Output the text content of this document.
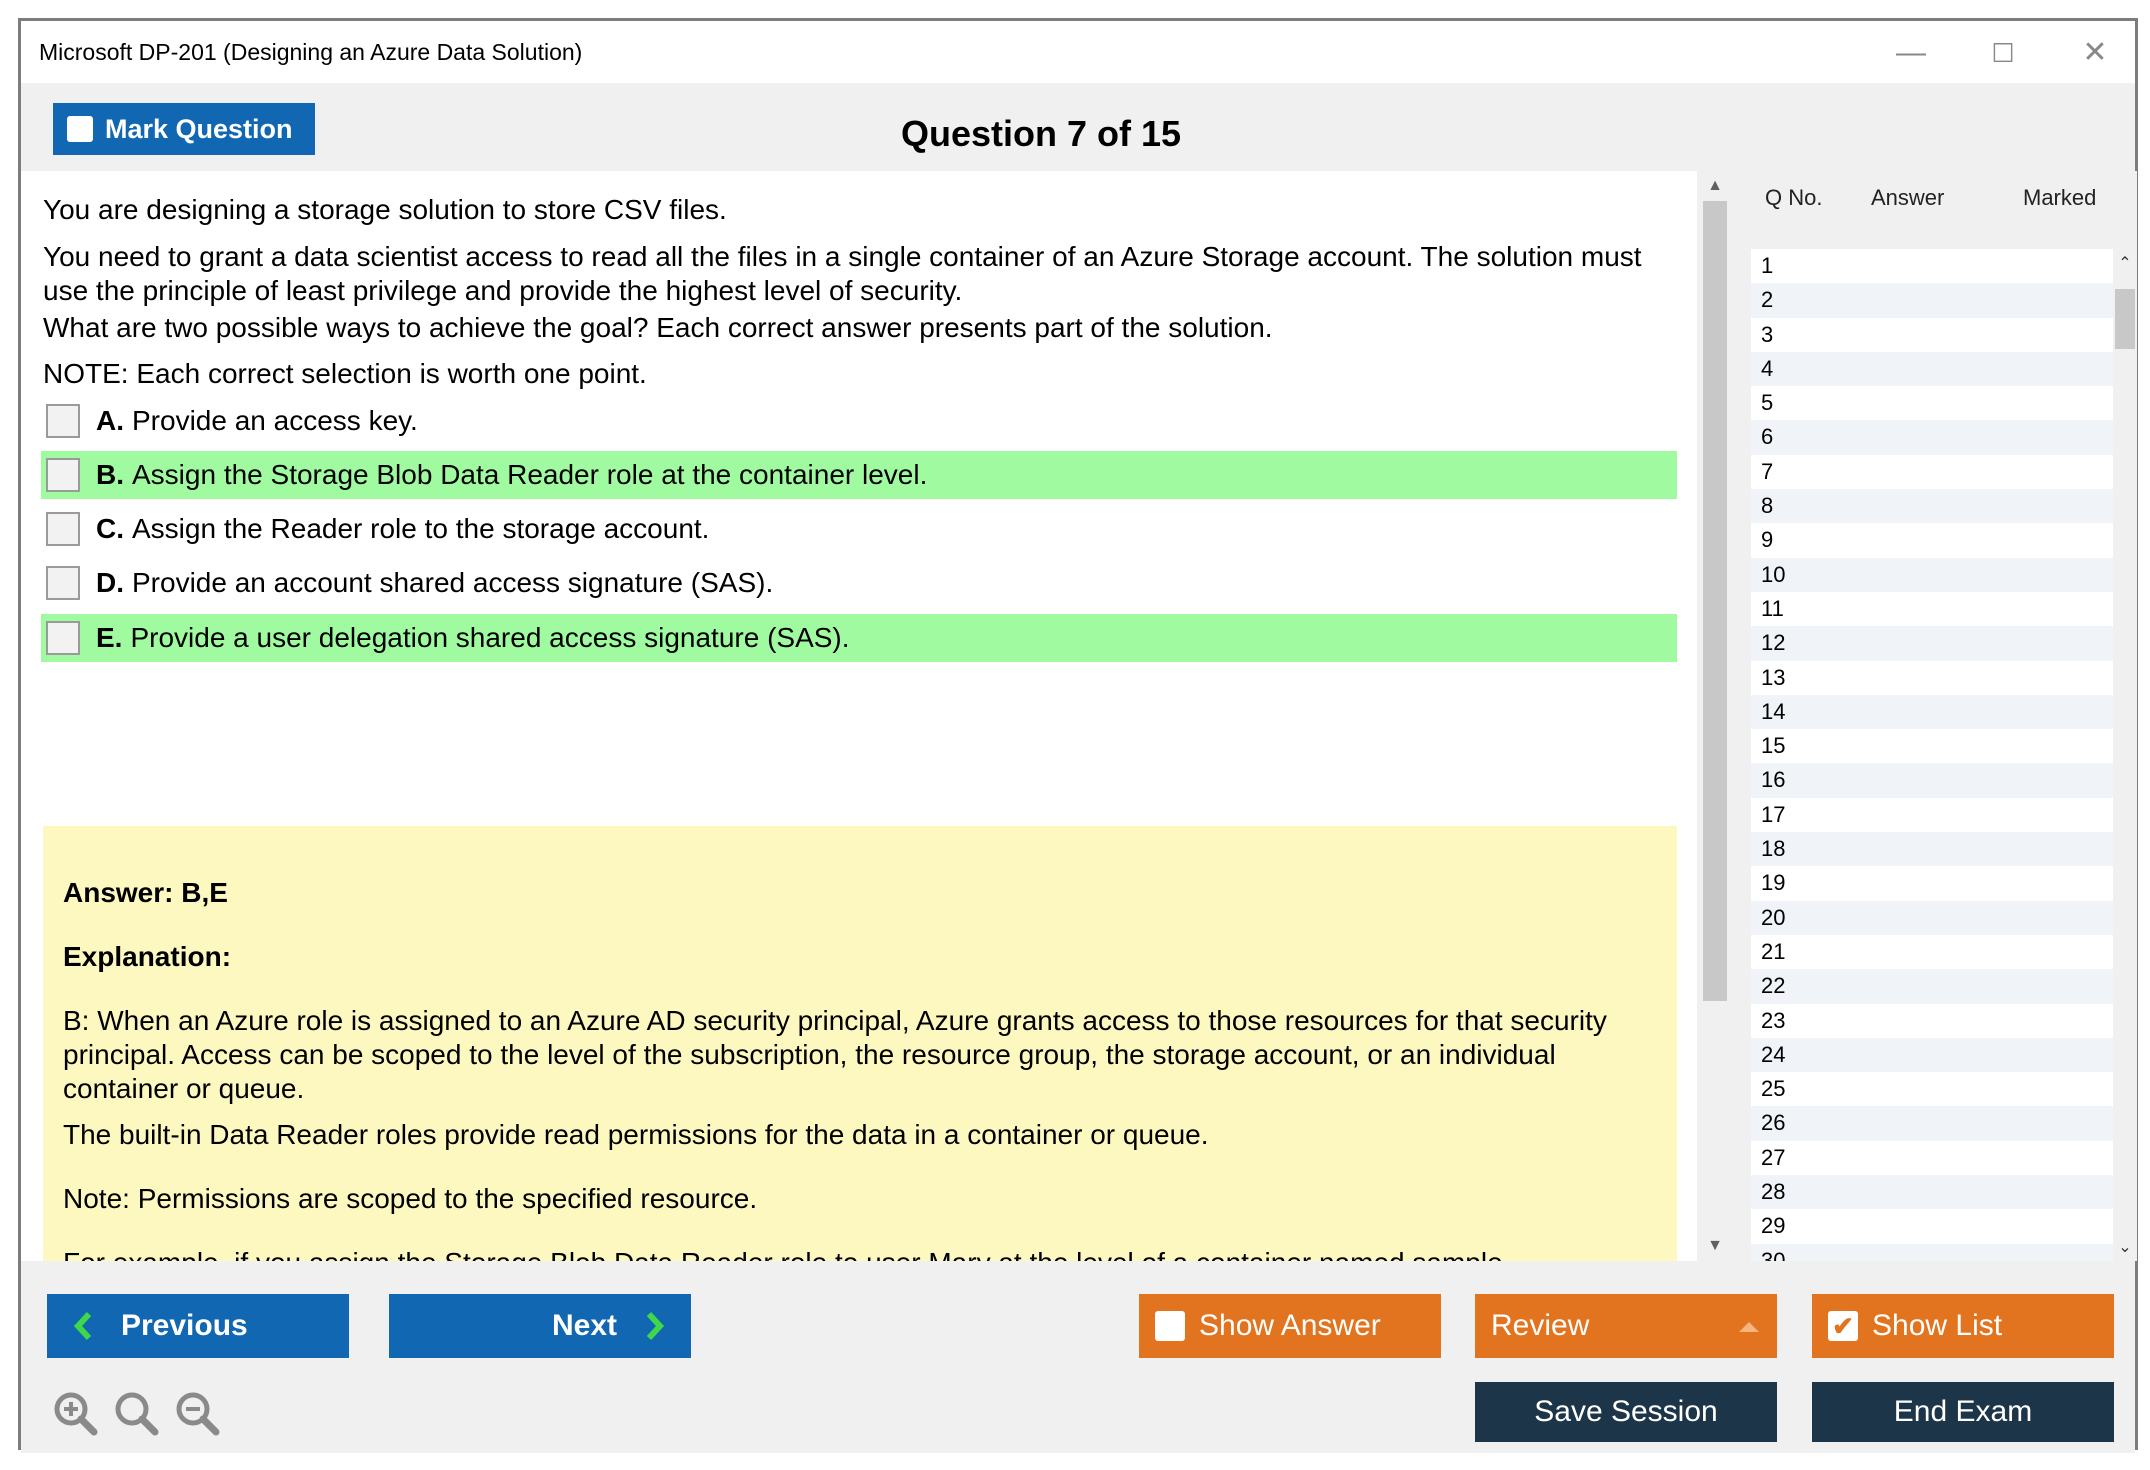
Microsoft DP-201 (Designing an Azure Data Solution)	—	☐	✕
Mark Question	Question 7 of 15

You are designing a storage solution to store CSV files.

You need to grant a data scientist access to read all the files in a single container of an Azure Storage account. The solution must use the principle of least privilege and provide the highest level of security.

What are two possible ways to achieve the goal? Each correct answer presents part of the solution.

NOTE: Each correct selection is worth one point.

A. Provide an access key.
B. Assign the Storage Blob Data Reader role at the container level.
C. Assign the Reader role to the storage account.
D. Provide an account shared access signature (SAS).
E. Provide a user delegation shared access signature (SAS).

Answer: B,E

Explanation:

B: When an Azure role is assigned to an Azure AD security principal, Azure grants access to those resources for that security principal. Access can be scoped to the level of the subscription, the resource group, the storage account, or an individual container or queue.

The built-in Data Reader roles provide read permissions for the data in a container or queue.

Note: Permissions are scoped to the specified resource.

▲
▼
Q No. Answer	Marked
1
2
3
4
5
6
7
8
9
10
11
12
13
14
15
16
17
18
19
20
21
22
23
24
25
26
27
28
29
⌃
⌄
Previous	Next	Show Answer	Review	✔ Show List
Save Session	End Exam
